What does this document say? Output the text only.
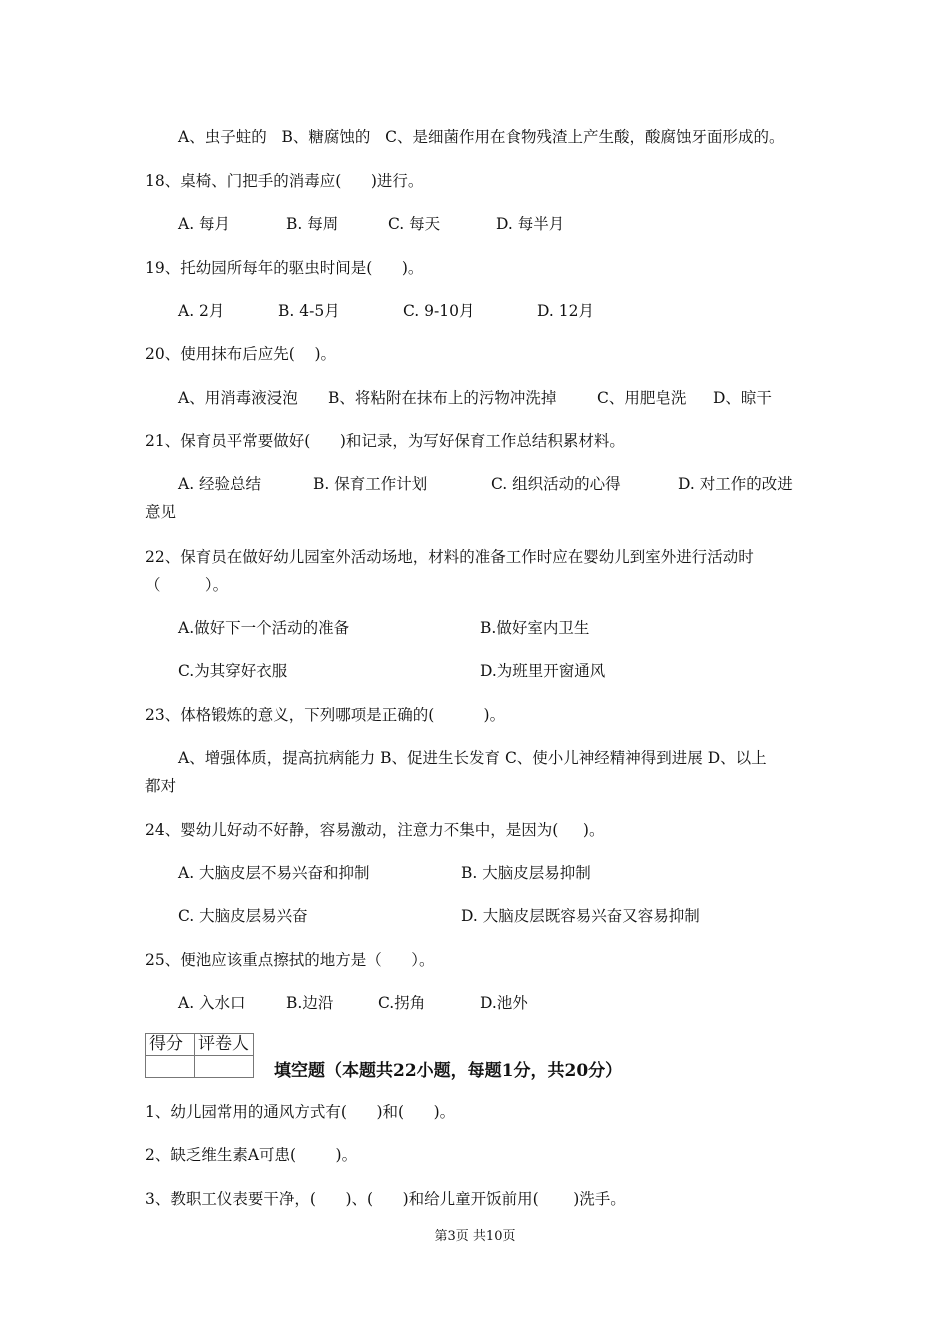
A、虫子蛀的   B、糖腐蚀的   C、是细菌作用在食物残渣上产生酸，酸腐蚀牙面形成的。
18、桌椅、门把手的消毒应(      )进行。
A. 每月	B. 每周	C. 每天	D. 每半月
19、托幼园所每年的驱虫时间是(      )。
A. 2月	B. 4-5月	C. 9-10月	D. 12月
20、使用抹布后应先(    )。
A、用消毒液浸泡 B、将粘附在抹布上的污物冲洗掉	C、用肥皂洗 D、晾干
21、保育员平常要做好(      )和记录，为写好保育工作总结积累材料。
A. 经验总结	B. 保育工作计划	C. 组织活动的心得	D. 对工作的改进
意见
22、保育员在做好幼儿园室外活动场地，材料的准备工作时应在婴幼儿到室外进行活动时
（         ）。
A.做好下一个活动的准备	B.做好室内卫生
C.为其穿好衣服	D.为班里开窗通风
23、体格锻炼的意义，下列哪项是正确的(          )。
A、增强体质，提高抗病能力 B、促进生长发育 C、使小儿神经精神得到进展 D、以上
都对
24、婴幼儿好动不好静，容易激动，注意力不集中，是因为(     )。
A. 大脑皮层不易兴奋和抑制	B. 大脑皮层易抑制
C. 大脑皮层易兴奋	D. 大脑皮层既容易兴奋又容易抑制
25、便池应该重点擦拭的地方是（      ）。
A. 入水口	B.边沿	C.拐角	D.池外
得分	评卷人

填空题（本题共22小题，每题1分，共20分）
1、幼儿园常用的通风方式有(      )和(      )。
2、缺乏维生素A可患(        )。
3、教职工仪表要干净，(      )、(      )和给儿童开饭前用(       )洗手。
第3页 共10页
